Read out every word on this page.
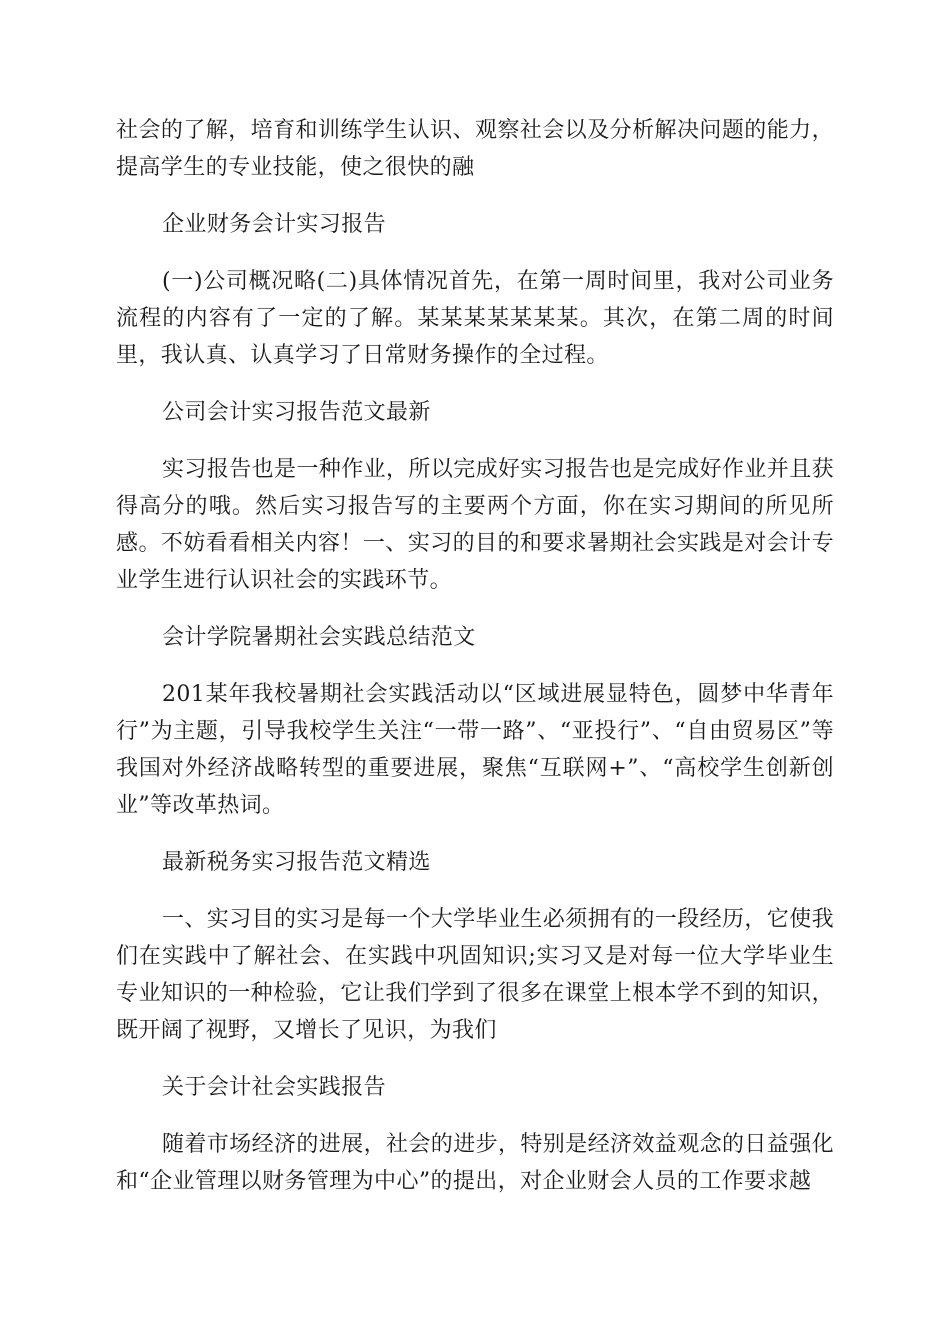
社会的了解，培育和训练学生认识、观察社会以及分析解决问题的能力，提高学生的专业技能，使之很快的融

企业财务会计实习报告

(一)公司概况略(二)具体情况首先，在第一周时间里，我对公司业务流程的内容有了一定的了解。某某某某某某某。其次，在第二周的时间里，我认真、认真学习了日常财务操作的全过程。

公司会计实习报告范文最新

实习报告也是一种作业，所以完成好实习报告也是完成好作业并且获得高分的哦。然后实习报告写的主要两个方面，你在实习期间的所见所感。不妨看看相关内容！一、实习的目的和要求暑期社会实践是对会计专业学生进行认识社会的实践环节。

会计学院暑期社会实践总结范文

201某年我校暑期社会实践活动以“区域进展显特色，圆梦中华青年行”为主题，引导我校学生关注“一带一路”、“亚投行”、“自由贸易区”等我国对外经济战略转型的重要进展，聚焦“互联网+”、“高校学生创新创业”等改革热词。

最新税务实习报告范文精选

一、实习目的实习是每一个大学毕业生必须拥有的一段经历，它使我们在实践中了解社会、在实践中巩固知识;实习又是对每一位大学毕业生专业知识的一种检验，它让我们学到了很多在课堂上根本学不到的知识，既开阔了视野，又增长了见识，为我们

关于会计社会实践报告

随着市场经济的进展，社会的进步，特别是经济效益观念的日益强化和“企业管理以财务管理为中心”的提出，对企业财会人员的工作要求越
